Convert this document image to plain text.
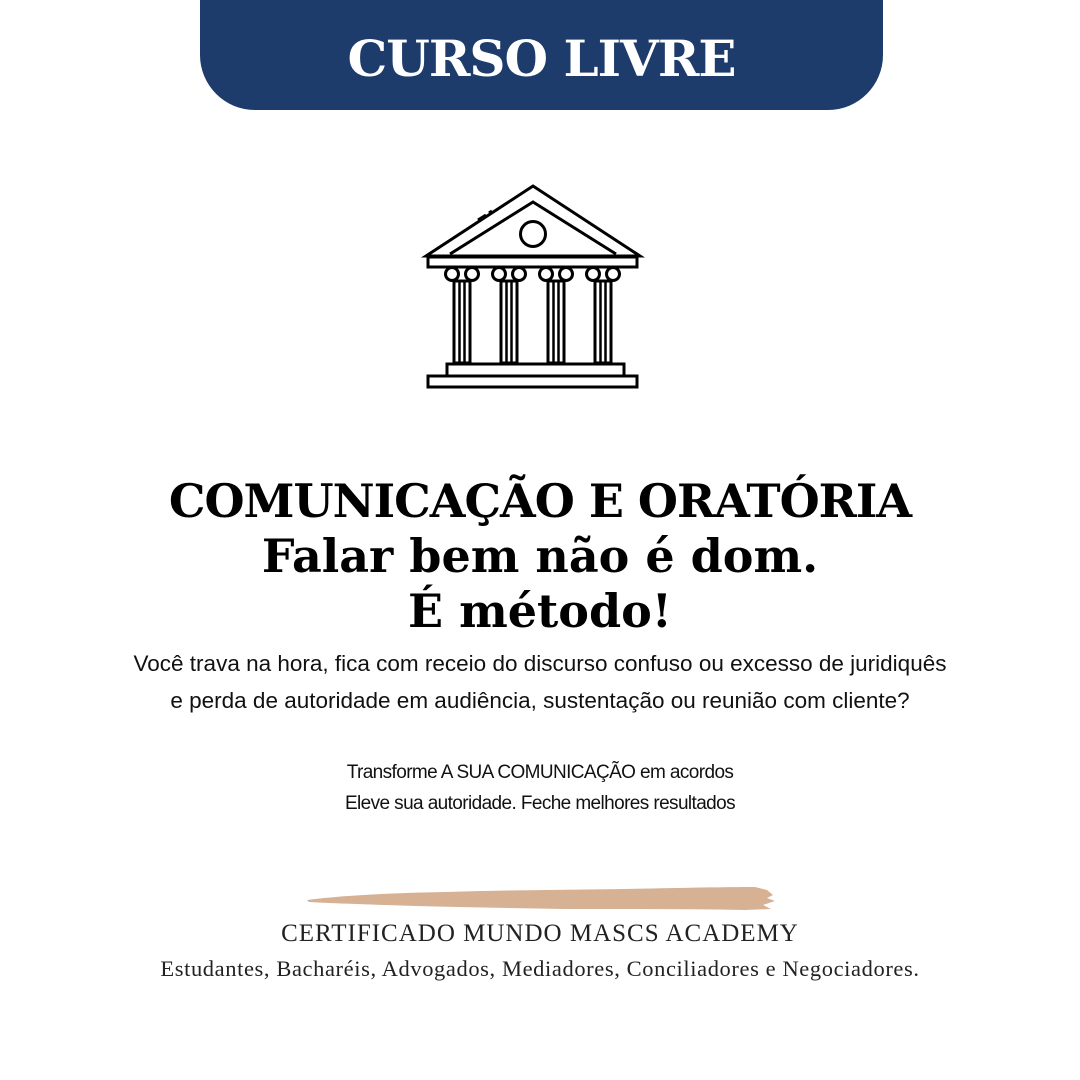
CURSO LIVRE
COMUNICAÇÃO E ORATÓRIA
Falar bem não é dom.
É método!
Você trava na hora, fica com receio do discurso confuso ou excesso de juridiquês
e perda de autoridade em audiência, sustentação ou reunião com cliente?
Transforme A SUA COMUNICAÇÃO em acordos
Eleve sua autoridade. Feche melhores resultados
CERTIFICADO MUNDO MASCS ACADEMY
Estudantes, Bacharéis, Advogados, Mediadores, Conciliadores e Negociadores.
